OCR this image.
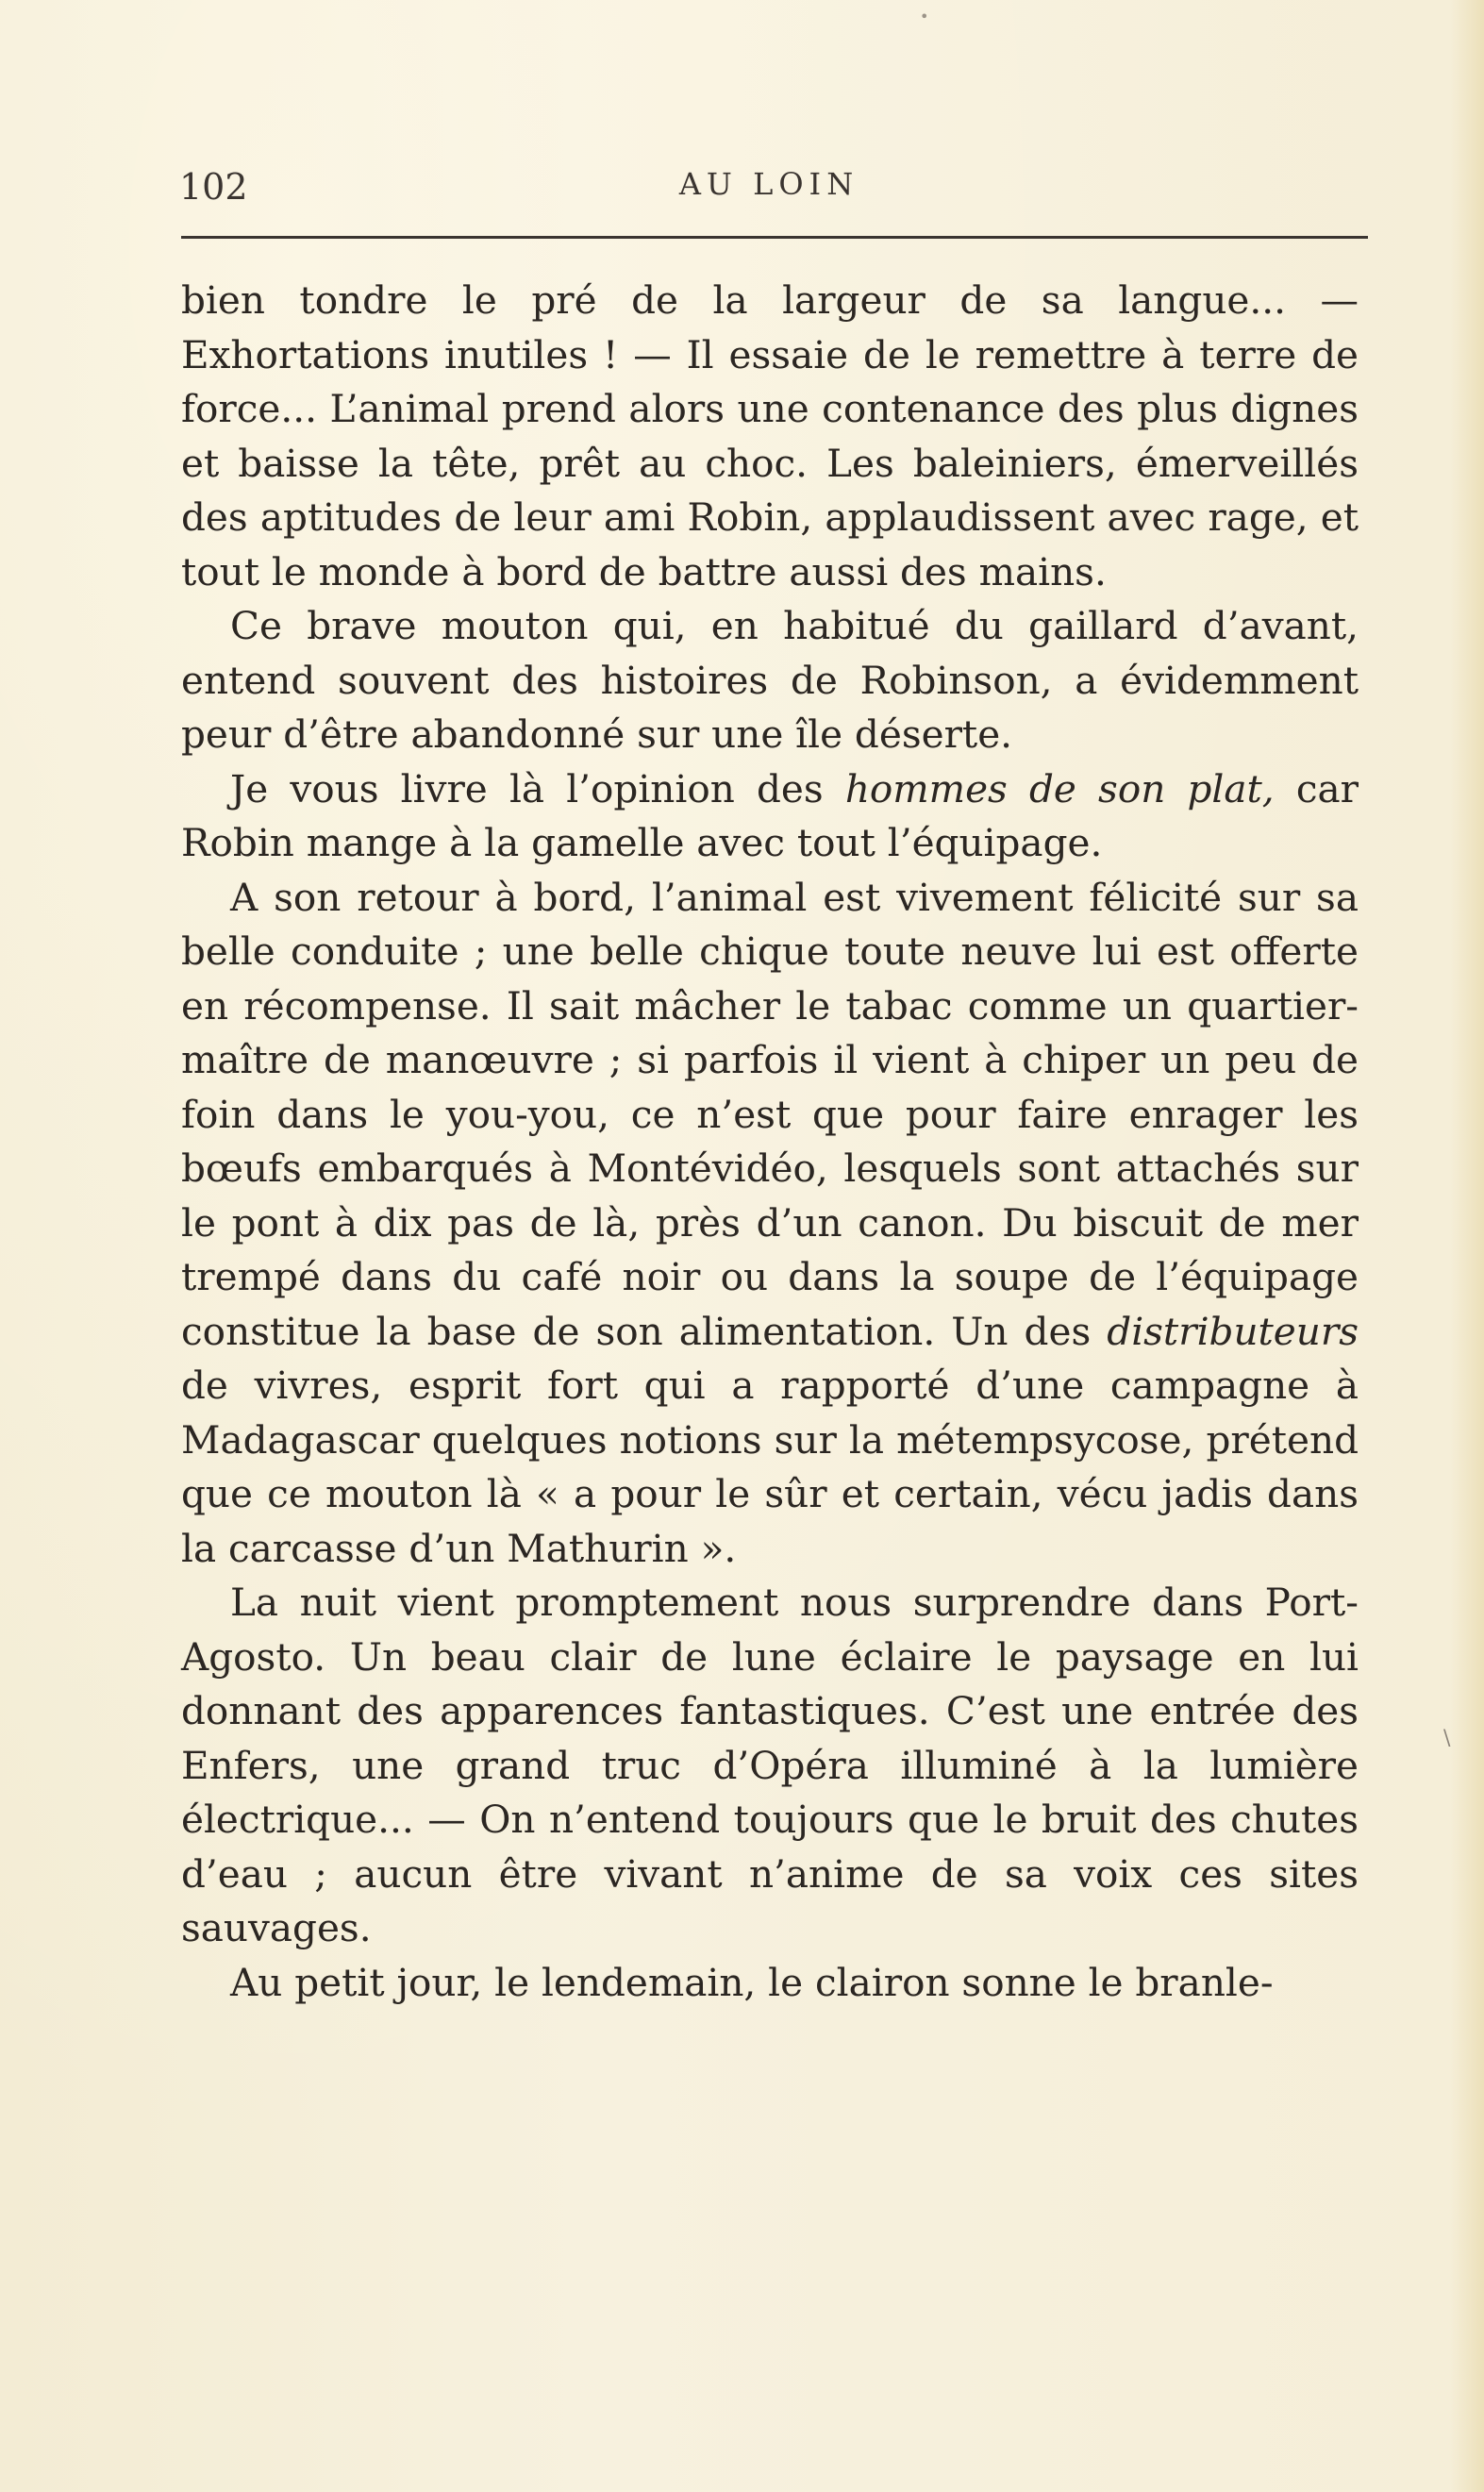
•
102	AU LOIN

bien tondre le pré de la largeur de sa langue... — Exhortations inutiles ! — Il essaie de le remettre à terre de force... L’animal prend alors une contenance des plus dignes et baisse la tête, prêt au choc. Les baleiniers, émerveillés des aptitudes de leur ami Robin, applaudissent avec rage, et tout le monde à bord de battre aussi des mains.

Ce brave mouton qui, en habitué du gaillard d’avant, entend souvent des histoires de Robinson, a évidemment peur d’être abandonné sur une île déserte.

Je vous livre là l’opinion des hommes de son plat, car Robin mange à la gamelle avec tout l’équipage.

A son retour à bord, l’animal est vivement félicité sur sa belle conduite ; une belle chique toute neuve lui est offerte en récompense. Il sait mâcher le tabac comme un quartier-maître de manœuvre ; si parfois il vient à chiper un peu de foin dans le you-you, ce n’est que pour faire enrager les bœufs embarqués à Montévidéo, lesquels sont attachés sur le pont à dix pas de là, près d’un canon. Du biscuit de mer trempé dans du café noir ou dans la soupe de l’équipage constitue la base de son alimentation. Un des distributeurs de vivres, esprit fort qui a rapporté d’une campagne à Madagascar quelques notions sur la métempsycose, prétend que ce mouton là « a pour le sûr et certain, vécu jadis dans la carcasse d’un Mathurin ».

La nuit vient promptement nous surprendre dans Port-Agosto. Un beau clair de lune éclaire le paysage en lui donnant des apparences fantastiques. C’est une entrée des Enfers, une grand truc d’Opéra illuminé à la lumière électrique... — On n’entend toujours que le bruit des chutes d’eau ; aucun être vivant n’anime de sa voix ces sites sauvages.

Au petit jour, le lendemain, le clairon sonne le branle-

\
